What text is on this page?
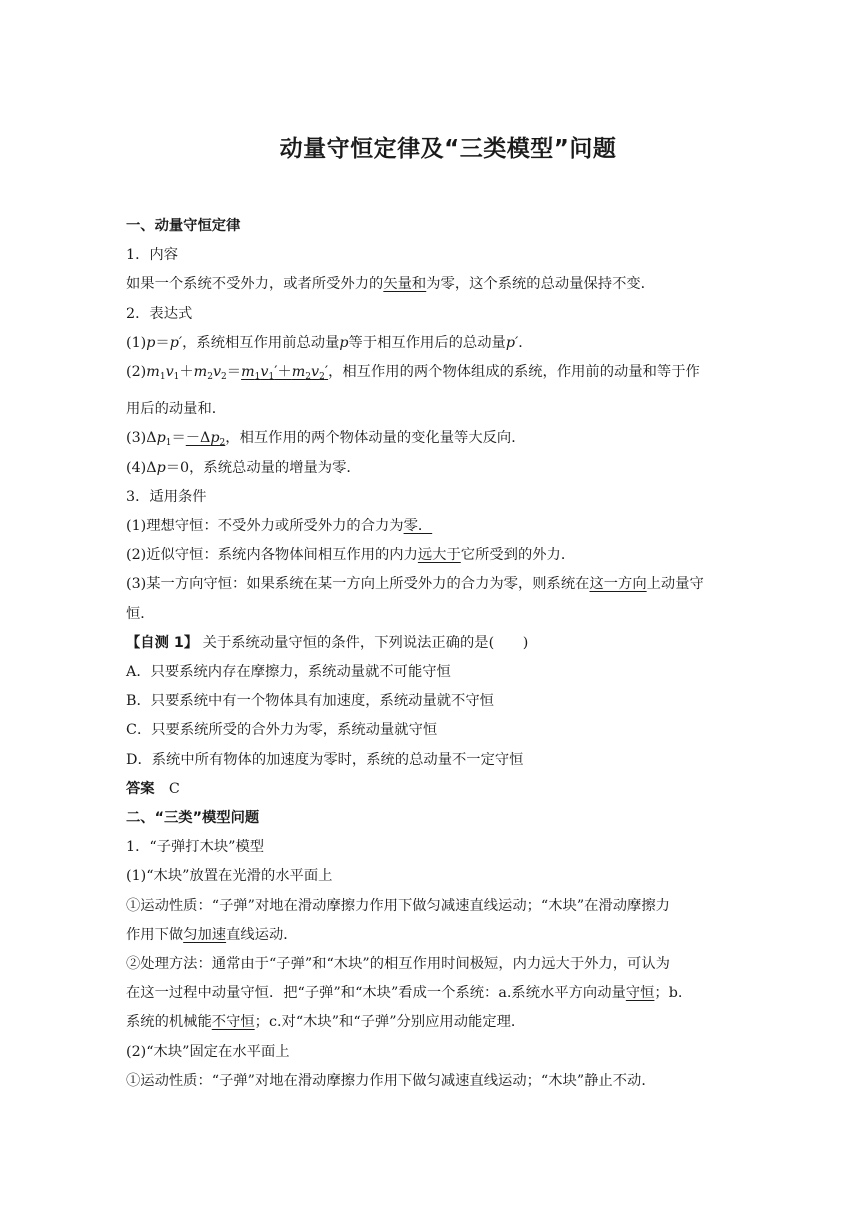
动量守恒定律及“三类模型”问题
一、动量守恒定律
1．内容
如果一个系统不受外力，或者所受外力的矢量和为零，这个系统的总动量保持不变．
2．表达式
(1)p＝p′，系统相互作用前总动量p等于相互作用后的总动量p′．
$(2)m_1v_1+m_2v_2=m_1v_1'+m_2v_2'$，相互作用的两个物体组成的系统，作用前的动量和等于作
用后的动量和．
$(3)\Delta p_1=-\Delta p_2$，相互作用的两个物体动量的变化量等大反向．
(4)Δp＝0，系统总动量的增量为零．
3．适用条件
(1)理想守恒：不受外力或所受外力的合力为零．
(2)近似守恒：系统内各物体间相互作用的内力远大于它所受到的外力．
(3)某一方向守恒：如果系统在某一方向上所受外力的合力为零，则系统在这一方向上动量守
恒．
【自测 1】 关于系统动量守恒的条件，下列说法正确的是(　　)
A．只要系统内存在摩擦力，系统动量就不可能守恒
B．只要系统中有一个物体具有加速度，系统动量就不守恒
C．只要系统所受的合外力为零，系统动量就守恒
D．系统中所有物体的加速度为零时，系统的总动量不一定守恒
答案　 C
二、“三类”模型问题
1．“子弹打木块”模型
(1)“木块”放置在光滑的水平面上
①运动性质：“子弹”对地在滑动摩擦力作用下做匀减速直线运动；“木块”在滑动摩擦力
作用下做匀加速直线运动．
②处理方法：通常由于“子弹”和“木块”的相互作用时间极短，内力远大于外力，可认为
在这一过程中动量守恒．把“子弹”和“木块”看成一个系统：a.系统水平方向动量守恒；b.
系统的机械能不守恒；c.对“木块”和“子弹”分别应用动能定理．
(2)“木块”固定在水平面上
①运动性质：“子弹”对地在滑动摩擦力作用下做匀减速直线运动；“木块”静止不动．
